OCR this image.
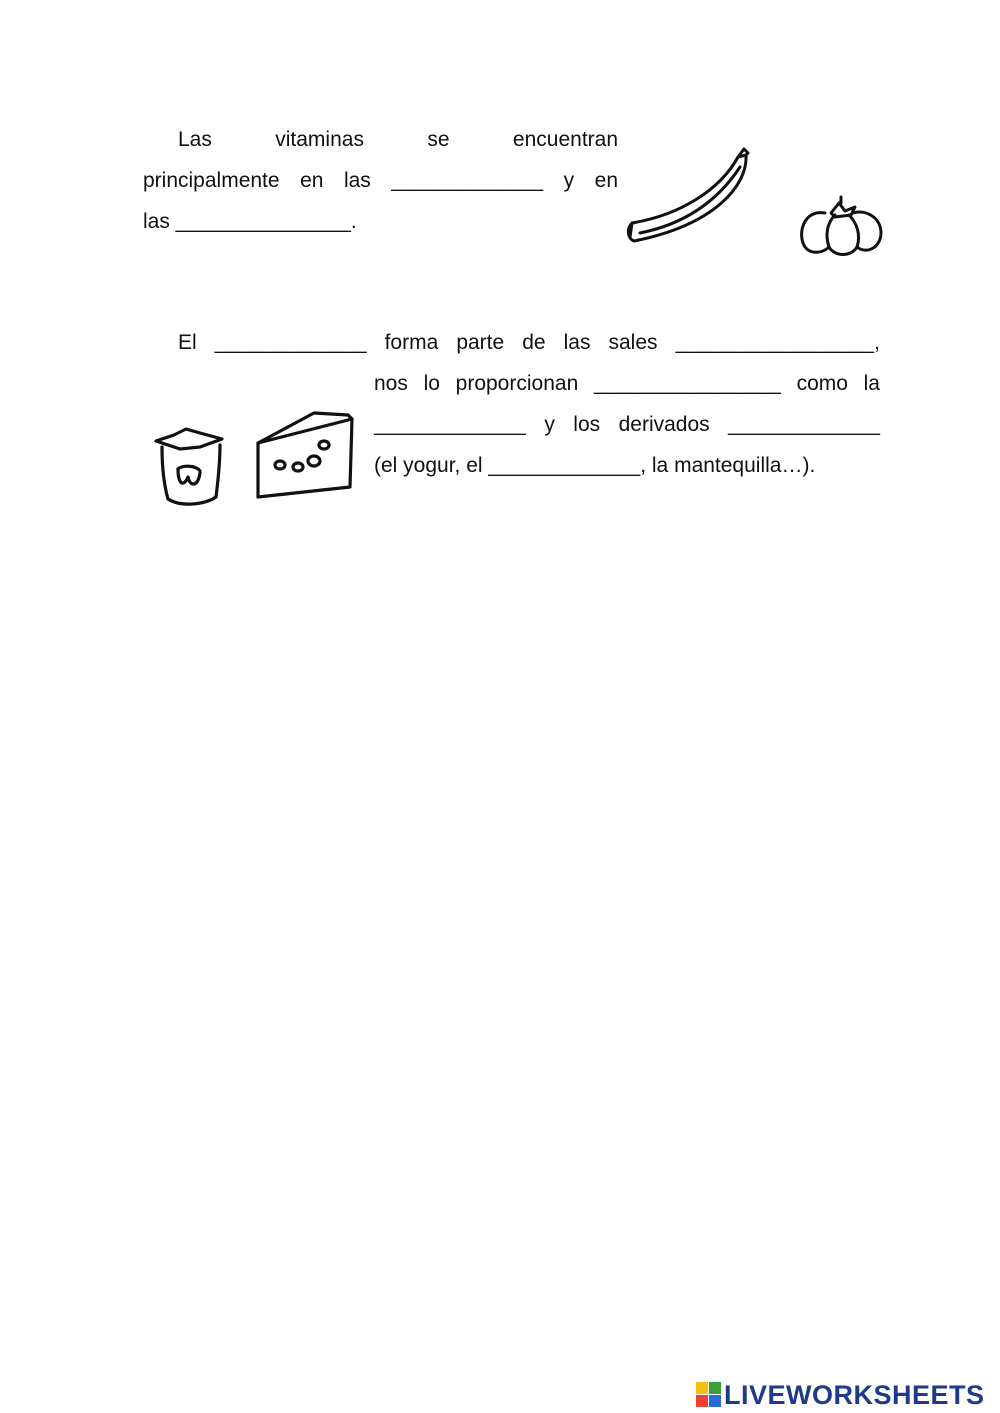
Las	vitaminas	se	encuentran
principalmente en las _____________ y en
las _______________.
El _____________ forma parte de las sales _________________,
nos lo proporcionan ________________ como la
_____________ y los derivados _____________
(el yogur, el _____________, la mantequilla…).
LIVEWORKSHEETS
